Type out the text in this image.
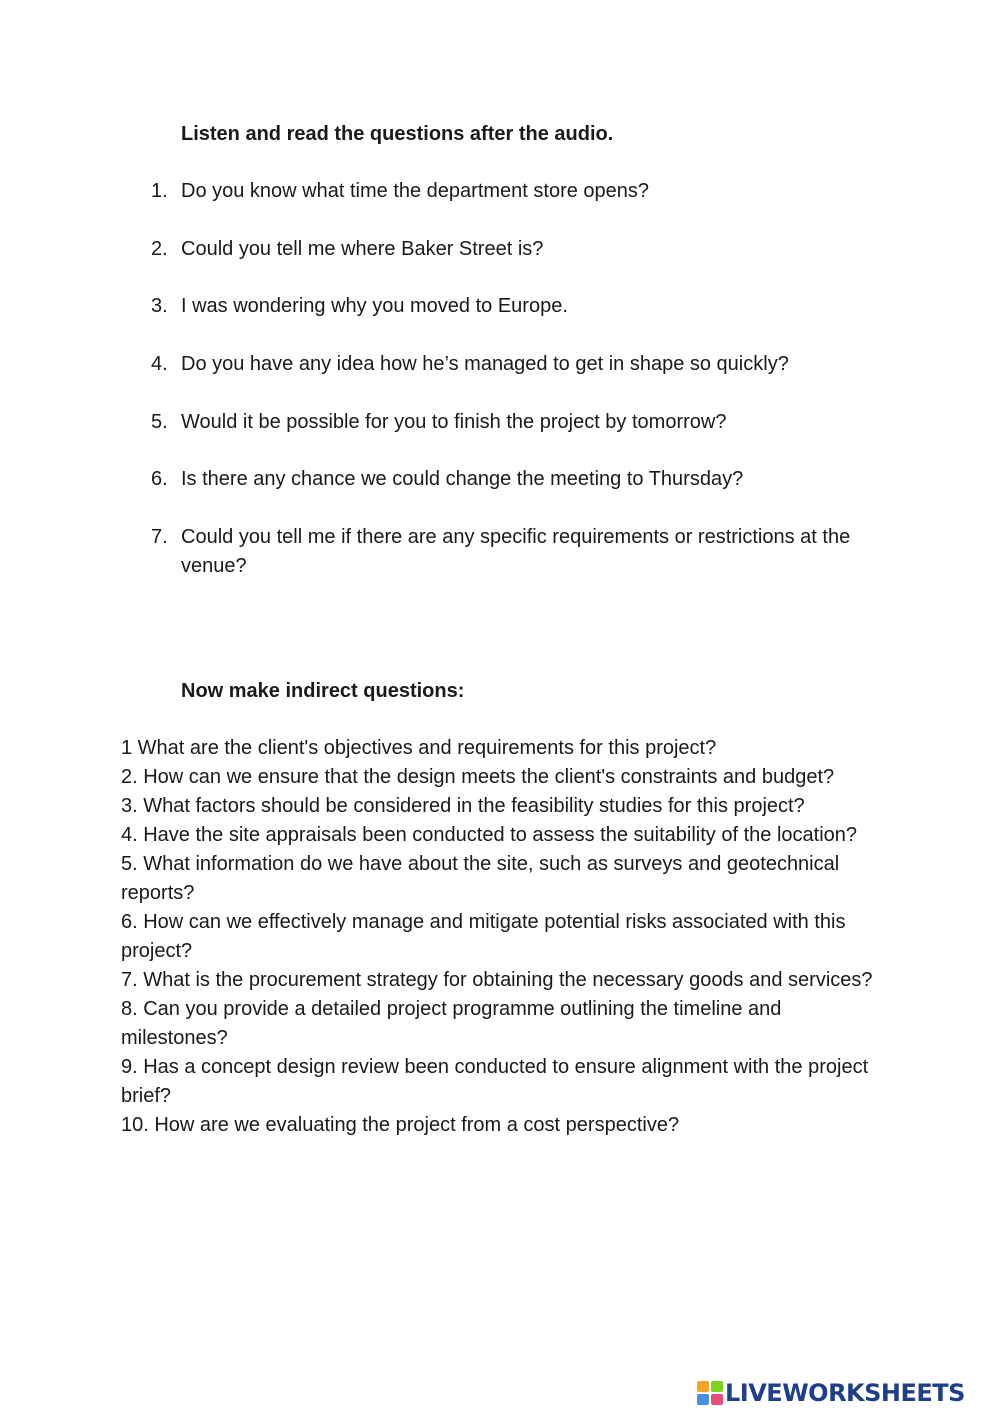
Listen and read the questions after the audio.
1. Do you know what time the department store opens?
2. Could you tell me where Baker Street is?
3. I was wondering why you moved to Europe.
4. Do you have any idea how he’s managed to get in shape so quickly?
5. Would it be possible for you to finish the project by tomorrow?
6. Is there any chance we could change the meeting to Thursday?
7. Could you tell me if there are any specific requirements or restrictions at the venue?
Now make indirect questions:
1 What are the client's objectives and requirements for this project?
2. How can we ensure that the design meets the client's constraints and budget?
3. What factors should be considered in the feasibility studies for this project?
4. Have the site appraisals been conducted to assess the suitability of the location?
5. What information do we have about the site, such as surveys and geotechnical reports?
6. How can we effectively manage and mitigate potential risks associated with this project?
7. What is the procurement strategy for obtaining the necessary goods and services?
8. Can you provide a detailed project programme outlining the timeline and milestones?
9. Has a concept design review been conducted to ensure alignment with the project brief?
10. How are we evaluating the project from a cost perspective?
LIVEWORKSHEETS
